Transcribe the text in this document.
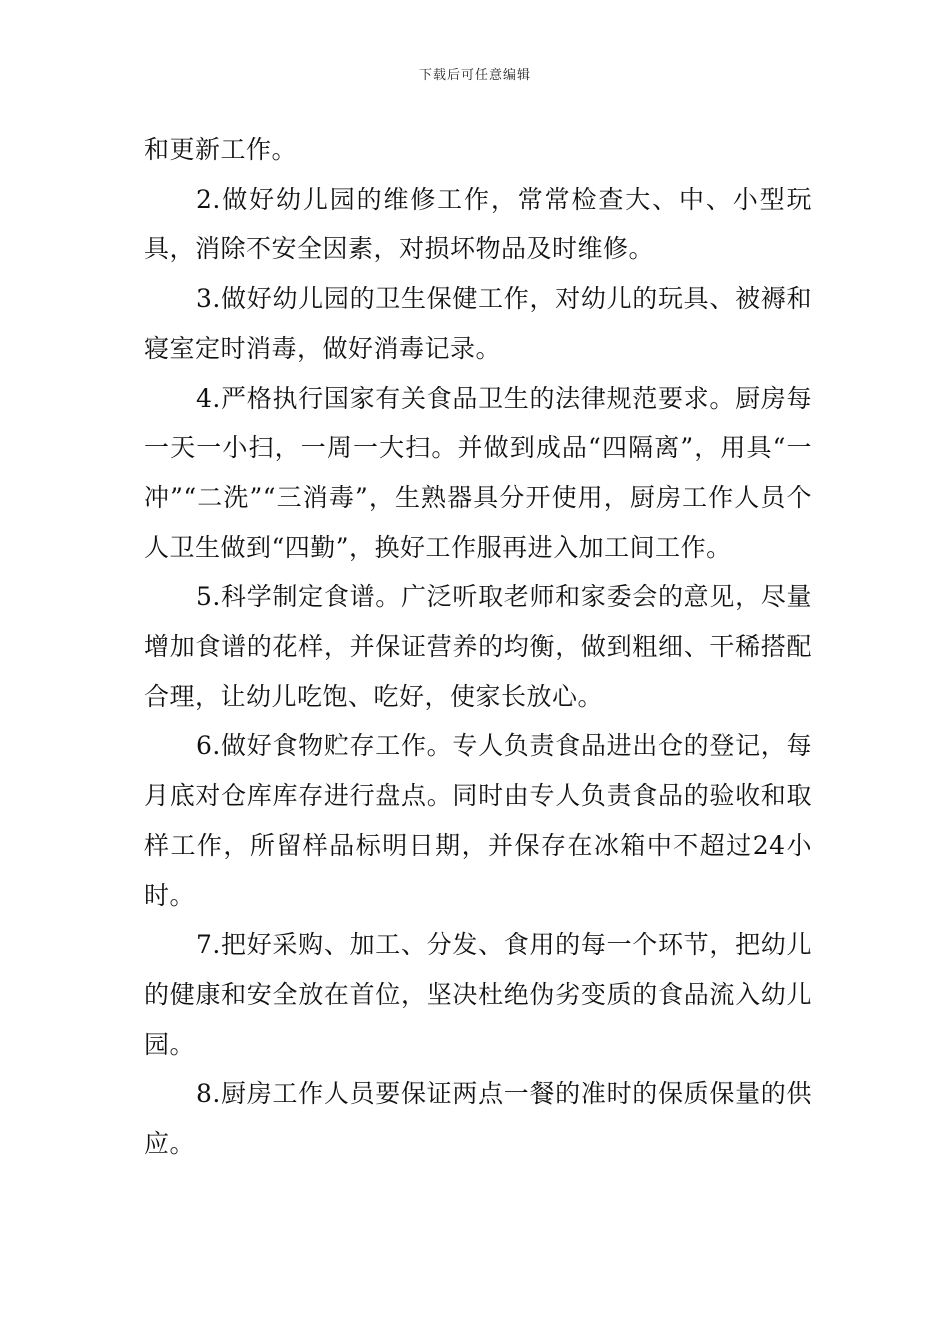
下载后可任意编辑

和更新工作。

2.做好幼儿园的维修工作，常常检查大、中、小型玩具，消除不安全因素，对损坏物品及时维修。

3.做好幼儿园的卫生保健工作，对幼儿的玩具、被褥和寝室定时消毒，做好消毒记录。

4.严格执行国家有关食品卫生的法律规范要求。厨房每一天一小扫，一周一大扫。并做到成品“四隔离”，用具“一冲”“二洗”“三消毒”，生熟器具分开使用，厨房工作人员个人卫生做到“四勤”，换好工作服再进入加工间工作。

5.科学制定食谱。广泛听取老师和家委会的意见，尽量增加食谱的花样，并保证营养的均衡，做到粗细、干稀搭配合理，让幼儿吃饱、吃好，使家长放心。

6.做好食物贮存工作。专人负责食品进出仓的登记，每月底对仓库库存进行盘点。同时由专人负责食品的验收和取样工作，所留样品标明日期，并保存在冰箱中不超过24小时。

7.把好采购、加工、分发、食用的每一个环节，把幼儿的健康和安全放在首位，坚决杜绝伪劣变质的食品流入幼儿园。

8.厨房工作人员要保证两点一餐的准时的保质保量的供应。
